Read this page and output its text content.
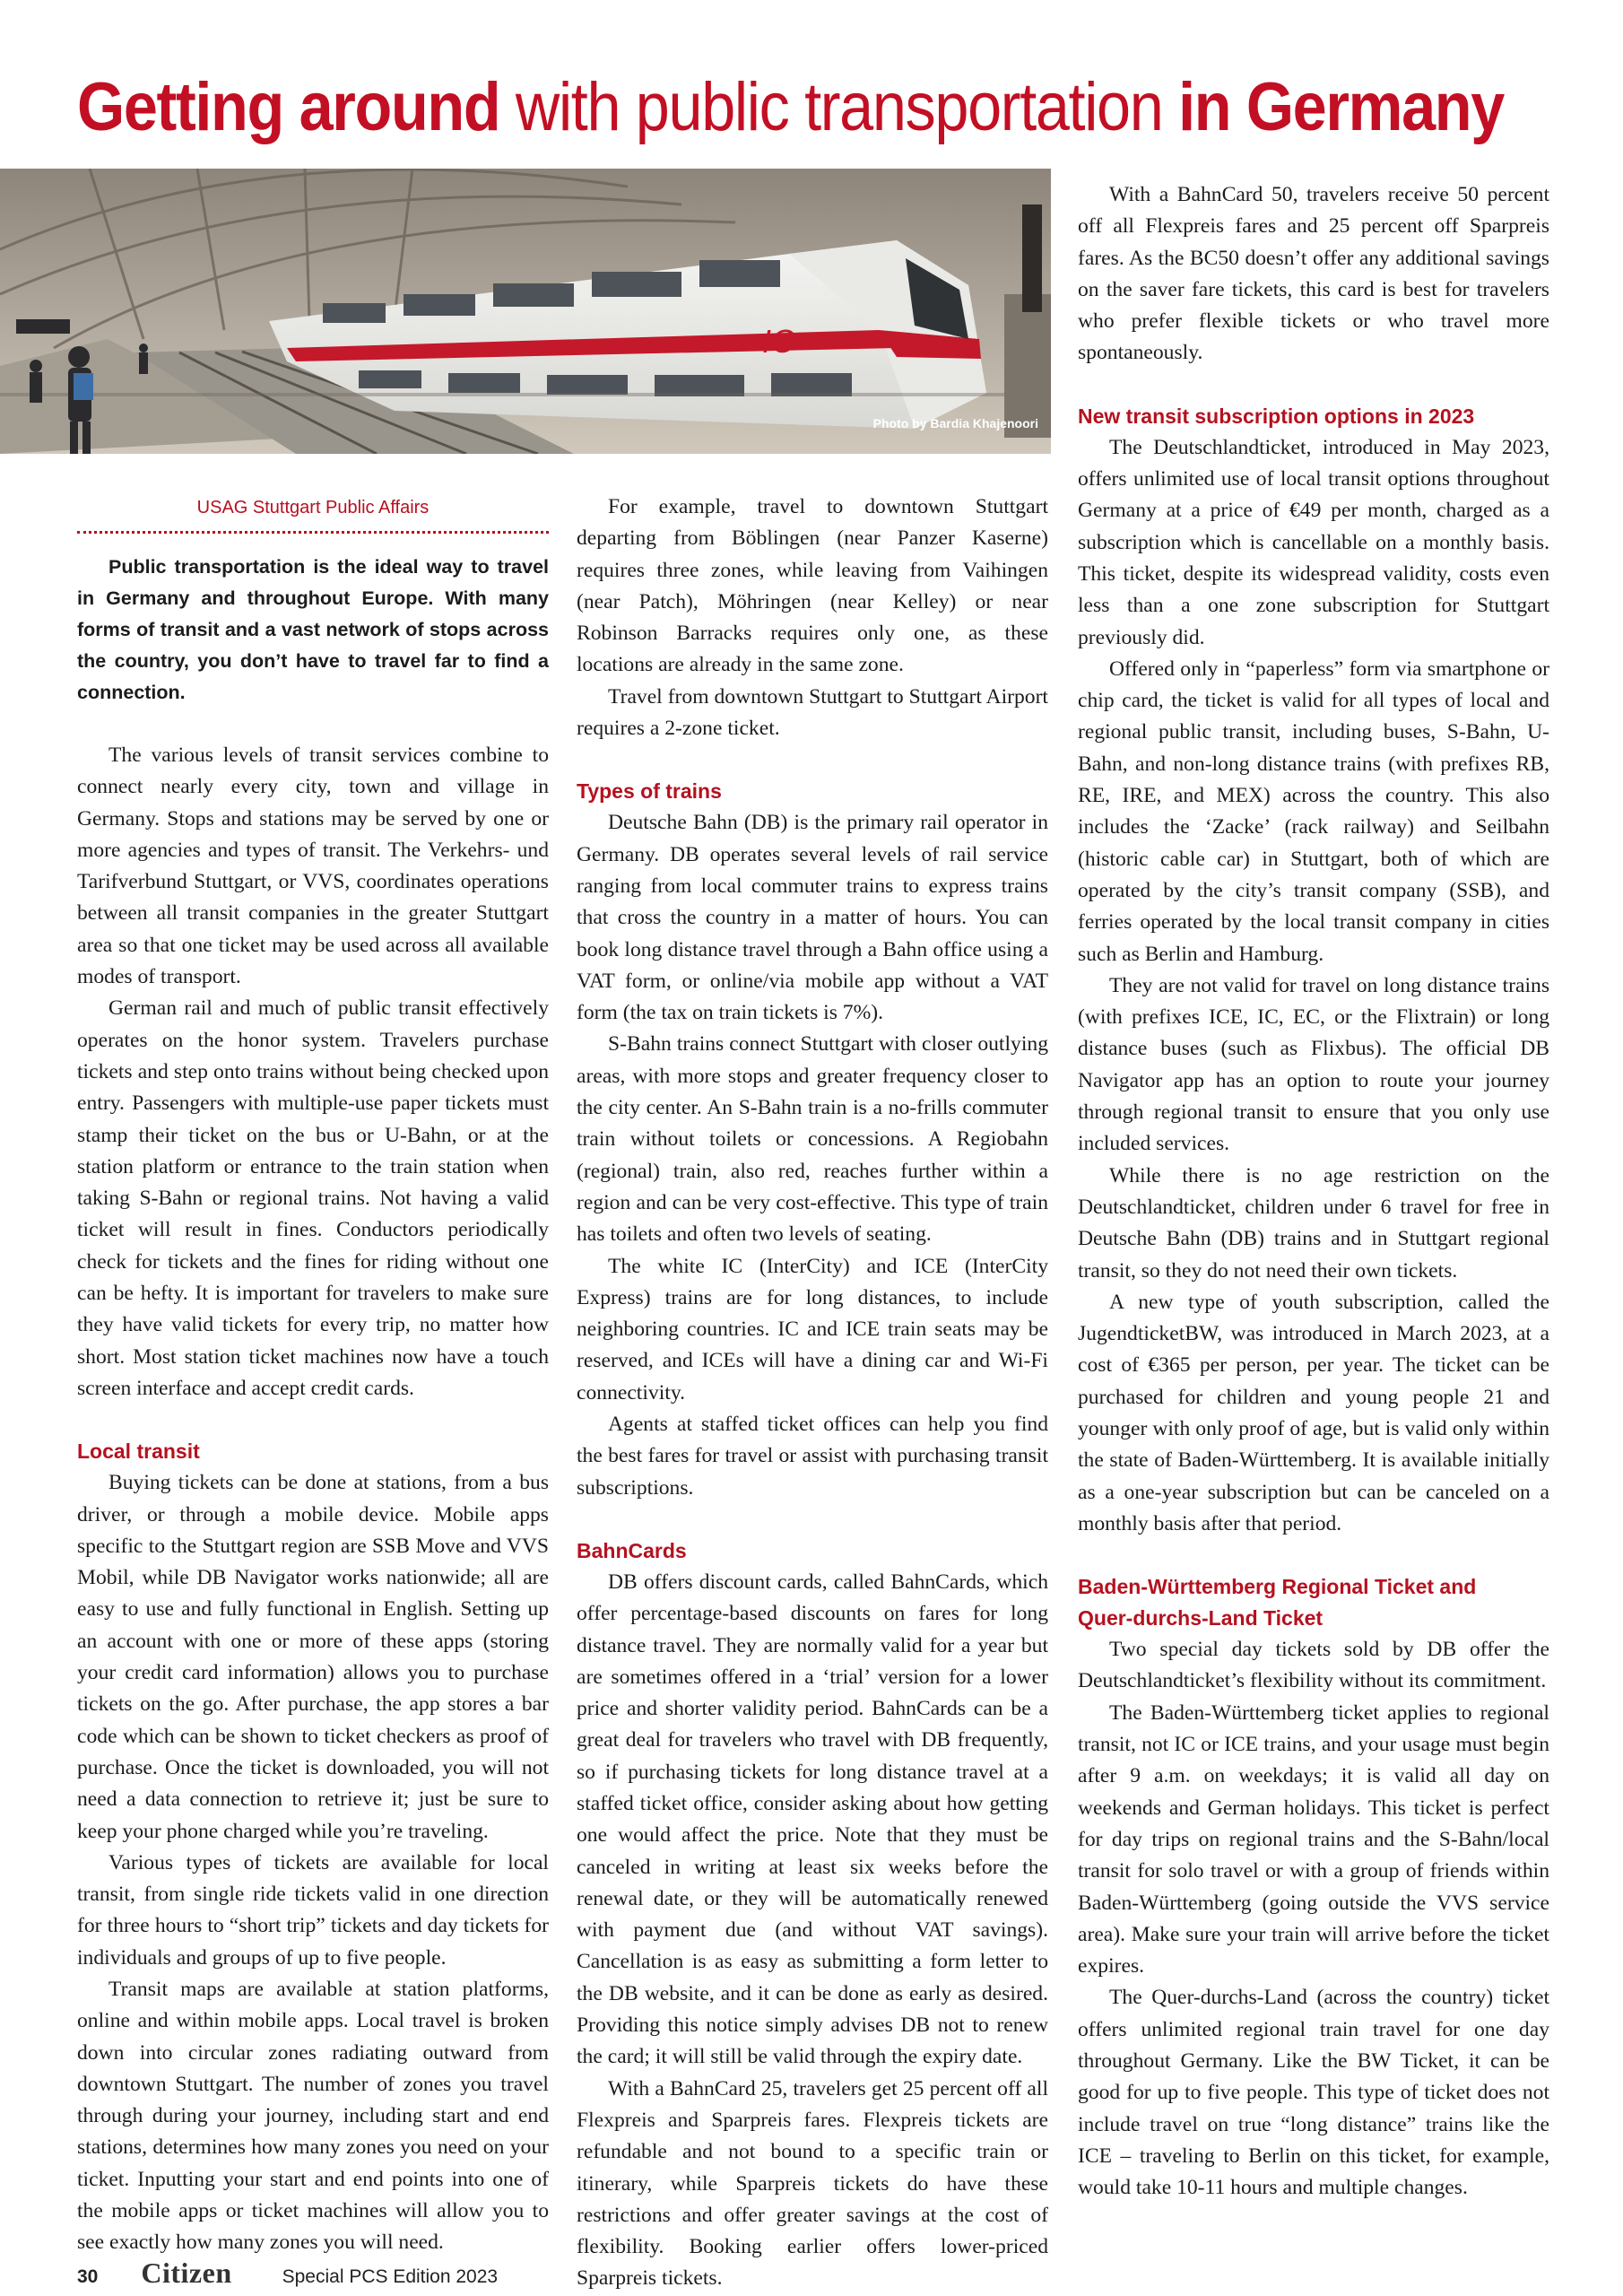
Getting around with public transportation in Germany
IC
Photo by Bardia Khajenoori
USAG Stuttgart Public Affairs

Public transportation is the ideal way to travel in Germany and throughout Europe. With many forms of transit and a vast network of stops across the country, you don’t have to travel far to find a connection.

The various levels of transit services combine to connect nearly every city, town and village in Germany. Stops and stations may be served by one or more agencies and types of transit. The Verkehrs- und Tarifverbund Stuttgart, or VVS, coordinates operations between all transit companies in the greater Stuttgart area so that one ticket may be used across all available modes of transport.

German rail and much of public transit effectively operates on the honor system. Travelers purchase tickets and step onto trains without being checked upon entry. Passengers with multiple-use paper tickets must stamp their ticket on the bus or U-Bahn, or at the station platform or entrance to the train station when taking S-Bahn or regional trains. Not having a valid ticket will result in fines. Conductors periodically check for tickets and the fines for riding without one can be hefty. It is important for travelers to make sure they have valid tickets for every trip, no matter how short. Most station ticket machines now have a touch screen interface and accept credit cards.

Local transit

Buying tickets can be done at stations, from a bus driver, or through a mobile device. Mobile apps specific to the Stuttgart region are SSB Move and VVS Mobil, while DB Navigator works nationwide; all are easy to use and fully functional in English. Setting up an account with one or more of these apps (storing your credit card information) allows you to purchase tickets on the go. After purchase, the app stores a bar code which can be shown to ticket checkers as proof of purchase. Once the ticket is downloaded, you will not need a data connection to retrieve it; just be sure to keep your phone charged while you’re traveling.

Various types of tickets are available for local transit, from single ride tickets valid in one direction for three hours to “short trip” tickets and day tickets for individuals and groups of up to five people.

Transit maps are available at station platforms, online and within mobile apps. Local travel is broken down into circular zones radiating outward from downtown Stuttgart. The number of zones you travel through during your journey, including start and end stations, determines how many zones you need on your ticket. Inputting your start and end points into one of the mobile apps or ticket machines will allow you to see exactly how many zones you will need.

For example, travel to downtown Stuttgart departing from Böblingen (near Panzer Kaserne) requires three zones, while leaving from Vaihingen (near Patch), Möhringen (near Kelley) or near Robinson Barracks requires only one, as these locations are already in the same zone.

Travel from downtown Stuttgart to Stuttgart Airport requires a 2-zone ticket.

Types of trains

Deutsche Bahn (DB) is the primary rail operator in Germany. DB operates several levels of rail service ranging from local commuter trains to express trains that cross the country in a matter of hours. You can book long distance travel through a Bahn office using a VAT form, or online/via mobile app without a VAT form (the tax on train tickets is 7%).

S-Bahn trains connect Stuttgart with closer outlying areas, with more stops and greater frequency closer to the city center. An S-Bahn train is a no-frills commuter train without toilets or concessions. A Regiobahn (regional) train, also red, reaches further within a region and can be very cost-effective. This type of train has toilets and often two levels of seating.

The white IC (InterCity) and ICE (InterCity Express) trains are for long distances, to include neighboring countries. IC and ICE train seats may be reserved, and ICEs will have a dining car and Wi-Fi connectivity.

Agents at staffed ticket offices can help you find the best fares for travel or assist with purchasing transit subscriptions.

BahnCards

DB offers discount cards, called BahnCards, which offer percentage-based discounts on fares for long distance travel. They are normally valid for a year but are sometimes offered in a ‘trial’ version for a lower price and shorter validity period. BahnCards can be a great deal for travelers who travel with DB frequently, so if purchasing tickets for long distance travel at a staffed ticket office, consider asking about how getting one would affect the price. Note that they must be canceled in writing at least six weeks before the renewal date, or they will be automatically renewed with payment due (and without VAT savings). Cancellation is as easy as submitting a form letter to the DB website, and it can be done as early as desired. Providing this notice simply advises DB not to renew the card; it will still be valid through the expiry date.

With a BahnCard 25, travelers get 25 percent off all Flexpreis and Sparpreis fares. Flexpreis tickets are refundable and not bound to a specific train or itinerary, while Sparpreis tickets do have these restrictions and offer greater savings at the cost of flexibility. Booking earlier offers lower-priced Sparpreis tickets.

With a BahnCard 50, travelers receive 50 percent off all Flexpreis fares and 25 percent off Sparpreis fares. As the BC50 doesn’t offer any additional savings on the saver fare tickets, this card is best for travelers who prefer flexible tickets or who travel more spontaneously.

New transit subscription options in 2023

The Deutschlandticket, introduced in May 2023, offers unlimited use of local transit options throughout Germany at a price of €49 per month, charged as a subscription which is cancellable on a monthly basis. This ticket, despite its widespread validity, costs even less than a one zone subscription for Stuttgart previously did.

Offered only in “paperless” form via smartphone or chip card, the ticket is valid for all types of local and regional public transit, including buses, S-Bahn, U-Bahn, and non-long distance trains (with prefixes RB, RE, IRE, and MEX) across the country. This also includes the ‘Zacke’ (rack railway) and Seilbahn (historic cable car) in Stuttgart, both of which are operated by the city’s transit company (SSB), and ferries operated by the local transit company in cities such as Berlin and Hamburg.

They are not valid for travel on long distance trains (with prefixes ICE, IC, EC, or the Flixtrain) or long distance buses (such as Flixbus). The official DB Navigator app has an option to route your journey through regional transit to ensure that you only use included services.

While there is no age restriction on the Deutschlandticket, children under 6 travel for free in Deutsche Bahn (DB) trains and in Stuttgart regional transit, so they do not need their own tickets.

A new type of youth subscription, called the JugendticketBW, was introduced in March 2023, at a cost of €365 per person, per year. The ticket can be purchased for children and young people 21 and younger with only proof of age, but is valid only within the state of Baden-Württemberg. It is available initially as a one-year subscription but can be canceled on a monthly basis after that period.

Baden-Württemberg Regional Ticket and
Quer-durchs-Land Ticket

Two special day tickets sold by DB offer the Deutschlandticket’s flexibility without its commitment.

The Baden-Württemberg ticket applies to regional transit, not IC or ICE trains, and your usage must begin after 9 a.m. on weekdays; it is valid all day on weekends and German holidays. This ticket is perfect for day trips on regional trains and the S-Bahn/local transit for solo travel or with a group of friends within Baden-Württemberg (going outside the VVS service area). Make sure your train will arrive before the ticket expires.

The Quer-durchs-Land (across the country) ticket offers unlimited regional train travel for one day throughout Germany. Like the BW Ticket, it can be good for up to five people. This type of ticket does not include travel on true “long distance” trains like the ICE – traveling to Berlin on this ticket, for example, would take 10-11 hours and multiple changes.

30 Citizen	Special PCS Edition 2023
